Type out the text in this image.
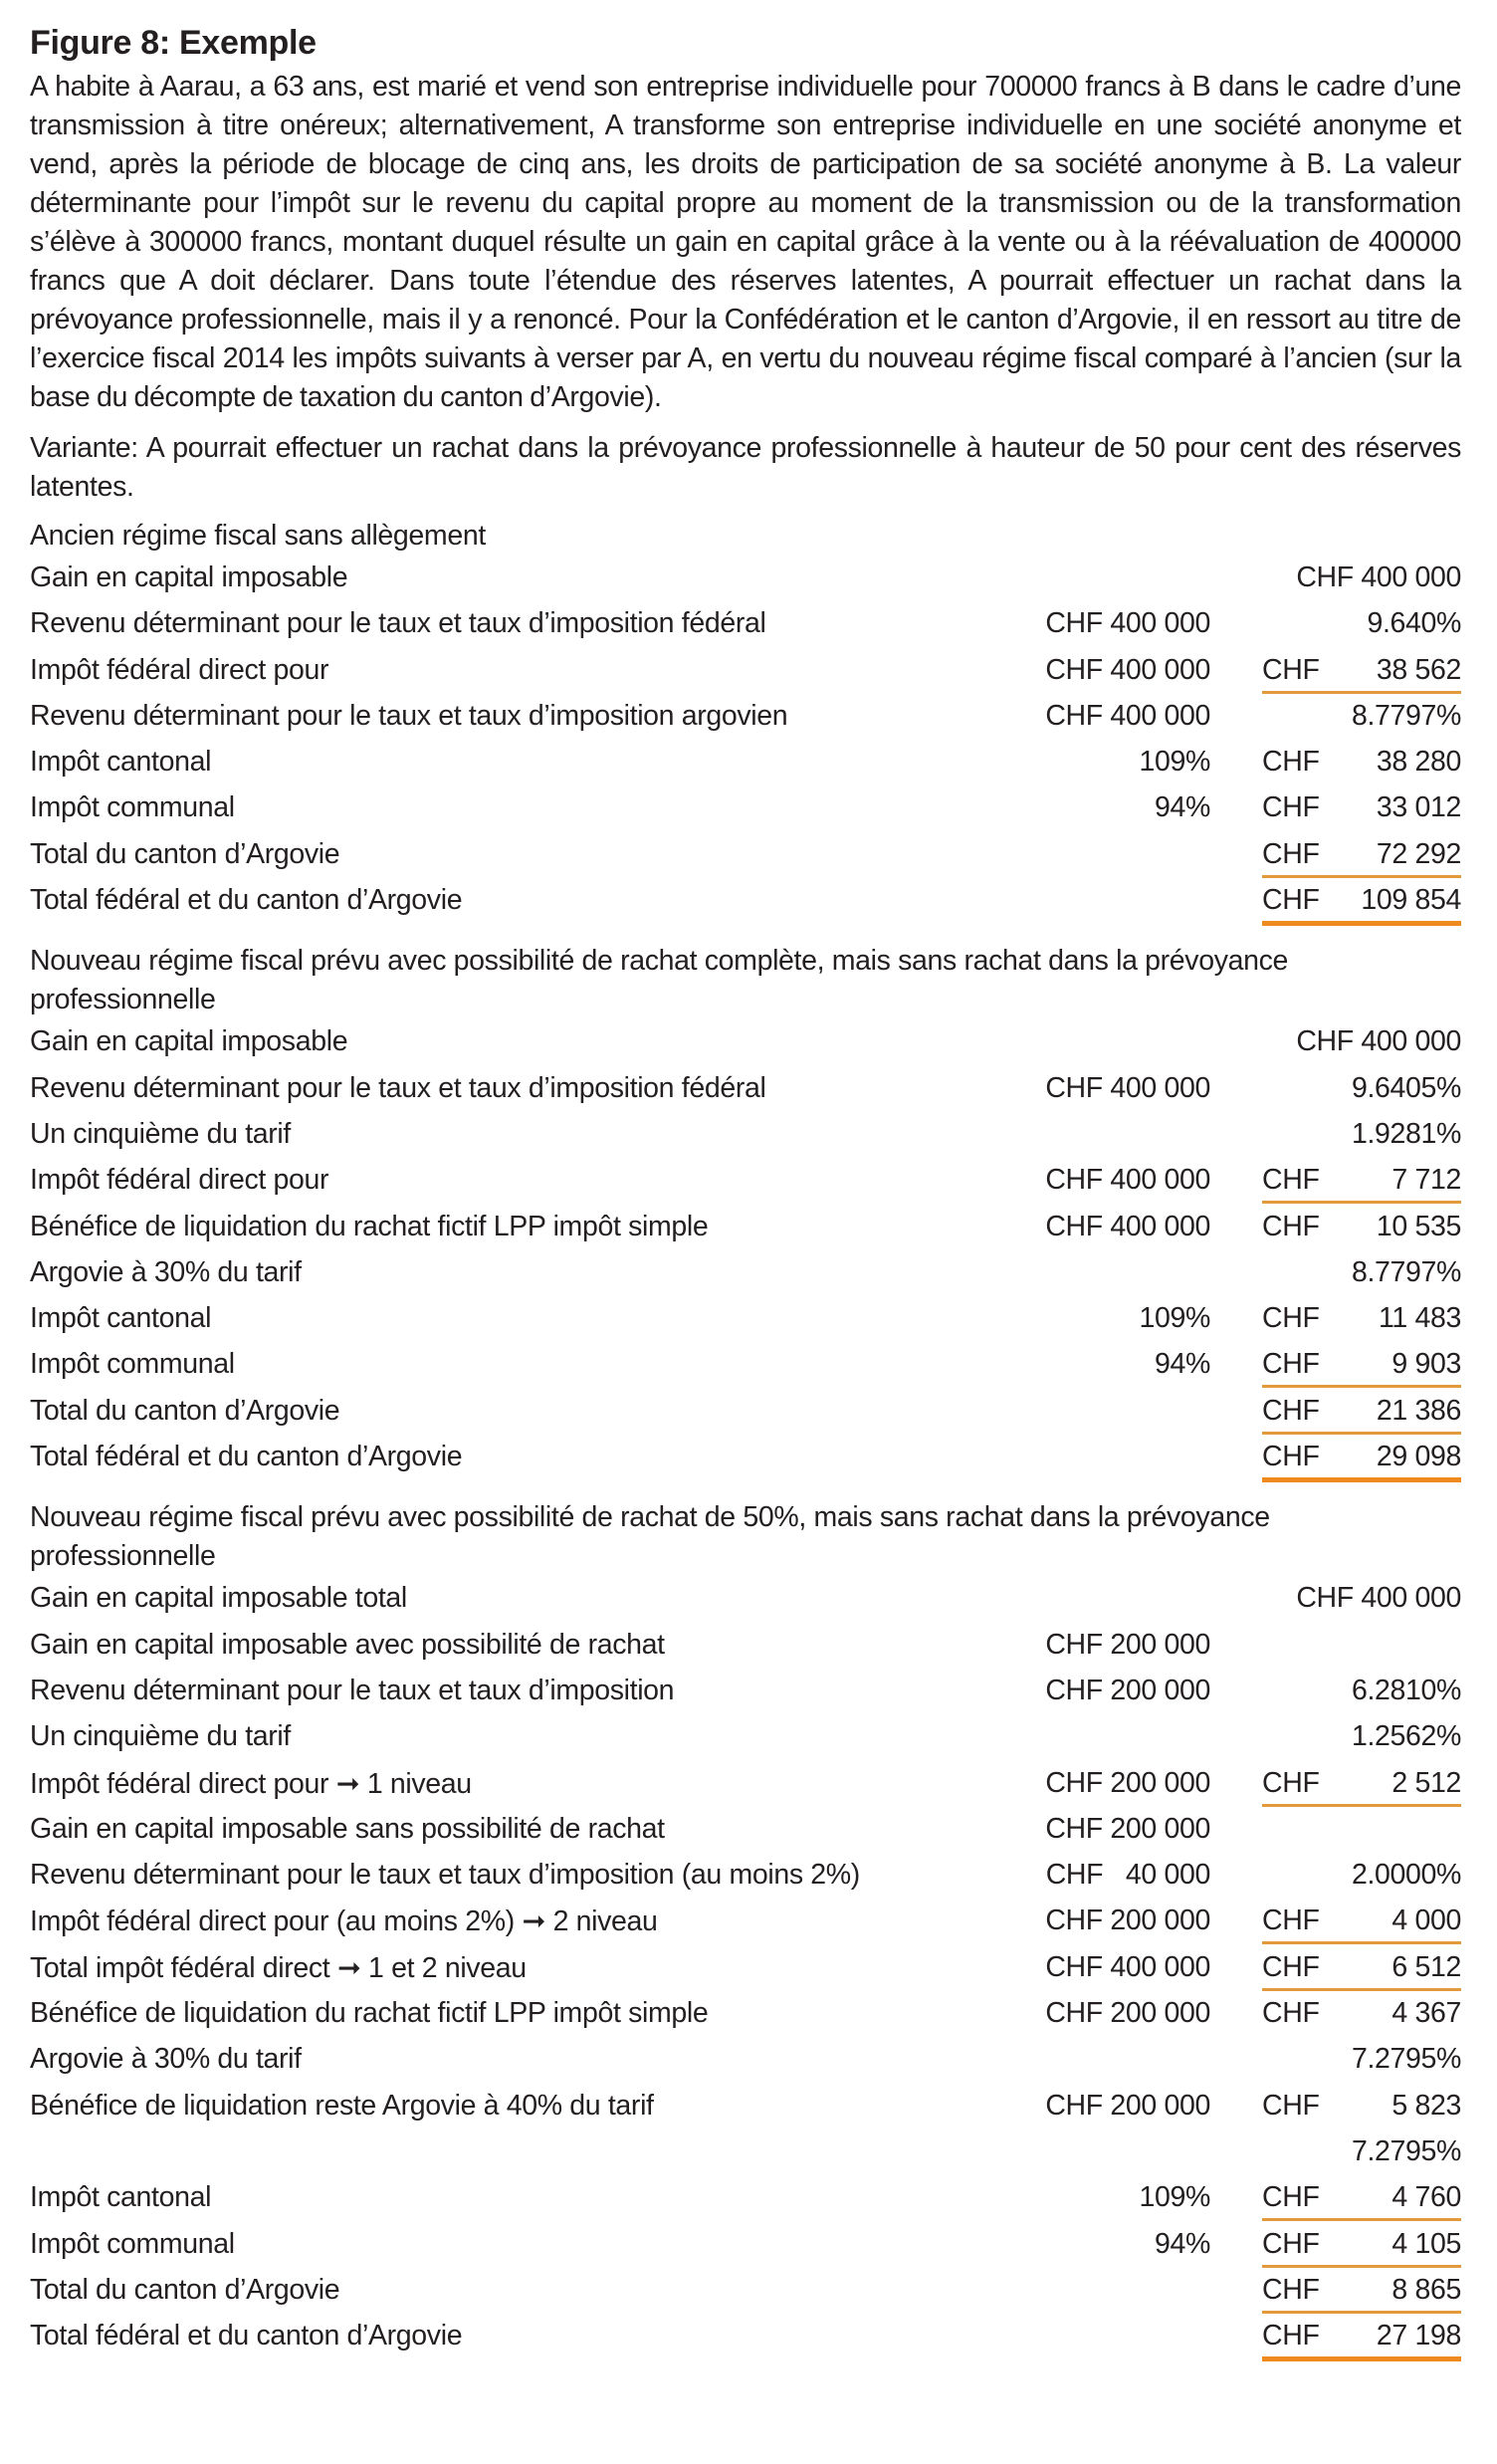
Figure 8: Exemple

A habite à Aarau, a 63 ans, est marié et vend son entreprise individuelle pour 700000 francs à B dans le cadre d’une transmission à titre onéreux; alternativement, A transforme son entreprise individuelle en une société anonyme et vend, après la période de blocage de cinq ans, les droits de participation de sa société anonyme à B. La valeur déterminante pour l’impôt sur le revenu du capital propre au moment de la transmission ou de la transformation s’élève à 300000 francs, montant duquel résulte un gain en capital grâce à la vente ou à la réévaluation de 400000 francs que A doit déclarer. Dans toute l’étendue des réserves latentes, A pourrait effectuer un rachat dans la prévoyance professionnelle, mais il y a renoncé. Pour la Confédération et le canton d’Argovie, il en ressort au titre de l’exercice fiscal 2014 les impôts suivants à verser par A, en vertu du nouveau régime fiscal comparé à l’ancien (sur la base du décompte de taxation du canton d’Argovie).

Variante: A pourrait effectuer un rachat dans la prévoyance professionnelle à hauteur de 50 pour cent des réserves latentes.

Ancien régime fiscal sans allègement
Gain en capital imposable	CHF 400 000
Revenu déterminant pour le taux et taux d’imposition fédéral	CHF 400 000	9.640%
Impôt fédéral direct pour	CHF 400 000 CHF 38 562
Revenu déterminant pour le taux et taux d’imposition argovien	CHF 400 000	8.7797%
Impôt cantonal	109% CHF 38 280
Impôt communal	94% CHF 33 012
Total du canton d’Argovie	CHF 72 292
Total fédéral et du canton d’Argovie	CHF 109 854
Nouveau régime fiscal prévu avec possibilité de rachat complète, mais sans rachat dans la prévoyance professionnelle
Gain en capital imposable	CHF 400 000
Revenu déterminant pour le taux et taux d’imposition fédéral	CHF 400 000	9.6405%
Un cinquième du tarif	1.9281%
Impôt fédéral direct pour	CHF 400 000 CHF	7 712
Bénéfice de liquidation du rachat fictif LPP impôt simple	CHF 400 000 CHF 10 535
Argovie à 30% du tarif	8.7797%
Impôt cantonal	109% CHF 11 483
Impôt communal	94% CHF	9 903
Total du canton d’Argovie	CHF 21 386
Total fédéral et du canton d’Argovie	CHF 29 098
Nouveau régime fiscal prévu avec possibilité de rachat de 50%, mais sans rachat dans la prévoyance professionnelle
Gain en capital imposable total	CHF 400 000
Gain en capital imposable avec possibilité de rachat	CHF 200 000
Revenu déterminant pour le taux et taux d’imposition	CHF 200 000	6.2810%
Un cinquième du tarif	1.2562%
Impôt fédéral direct pour ➞ 1 niveau	CHF 200 000 CHF	2 512
Gain en capital imposable sans possibilité de rachat	CHF 200 000
Revenu déterminant pour le taux et taux d’imposition (au moins 2%)	CHF   40 000	2.0000%
Impôt fédéral direct pour (au moins 2%) ➞ 2 niveau	CHF 200 000 CHF	4 000
Total impôt fédéral direct ➞ 1 et 2 niveau	CHF 400 000 CHF	6 512
Bénéfice de liquidation du rachat fictif LPP impôt simple	CHF 200 000 CHF	4 367
Argovie à 30% du tarif	7.2795%
Bénéfice de liquidation reste Argovie à 40% du tarif	CHF 200 000 CHF	5 823
7.2795%
Impôt cantonal	109% CHF	4 760
Impôt communal	94% CHF	4 105
Total du canton d’Argovie	CHF	8 865
Total fédéral et du canton d’Argovie	CHF 27 198
